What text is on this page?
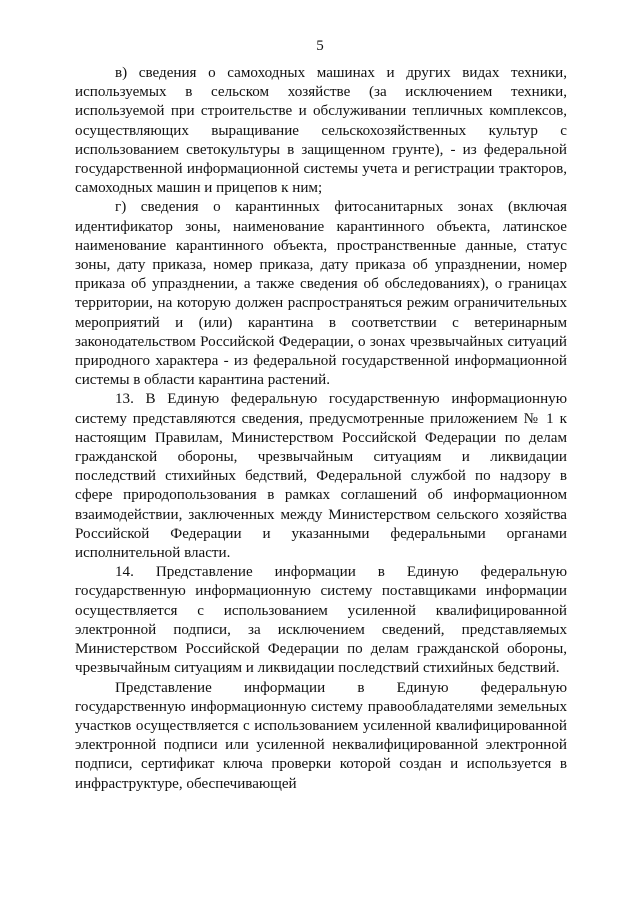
5

в) сведения о самоходных машинах и других видах техники, используемых в сельском хозяйстве (за исключением техники, используемой при строительстве и обслуживании тепличных комплексов, осуществляющих выращивание сельскохозяйственных культур с использованием светокультуры в защищенном грунте), - из федеральной государственной информационной системы учета и регистрации тракторов, самоходных машин и прицепов к ним;

г) сведения о карантинных фитосанитарных зонах (включая идентификатор зоны, наименование карантинного объекта, латинское наименование карантинного объекта, пространственные данные, статус зоны, дату приказа, номер приказа, дату приказа об упразднении, номер приказа об упразднении, а также сведения об обследованиях), о границах территории, на которую должен распространяться режим ограничительных мероприятий и (или) карантина в соответствии с ветеринарным законодательством Российской Федерации, о зонах чрезвычайных ситуаций природного характера - из федеральной государственной информационной системы в области карантина растений.

13. В Единую федеральную государственную информационную систему представляются сведения, предусмотренные приложением № 1 к настоящим Правилам, Министерством Российской Федерации по делам гражданской обороны, чрезвычайным ситуациям и ликвидации последствий стихийных бедствий, Федеральной службой по надзору в сфере природопользования в рамках соглашений об информационном взаимодействии, заключенных между Министерством сельского хозяйства Российской Федерации и указанными федеральными органами исполнительной власти.

14. Представление информации в Единую федеральную государственную информационную систему поставщиками информации осуществляется с использованием усиленной квалифицированной электронной подписи, за исключением сведений, представляемых Министерством Российской Федерации по делам гражданской обороны, чрезвычайным ситуациям и ликвидации последствий стихийных бедствий.

Представление информации в Единую федеральную государственную информационную систему правообладателями земельных участков осуществляется с использованием усиленной квалифицированной электронной подписи или усиленной неквалифицированной электронной подписи, сертификат ключа проверки которой создан и используется в инфраструктуре, обеспечивающей
